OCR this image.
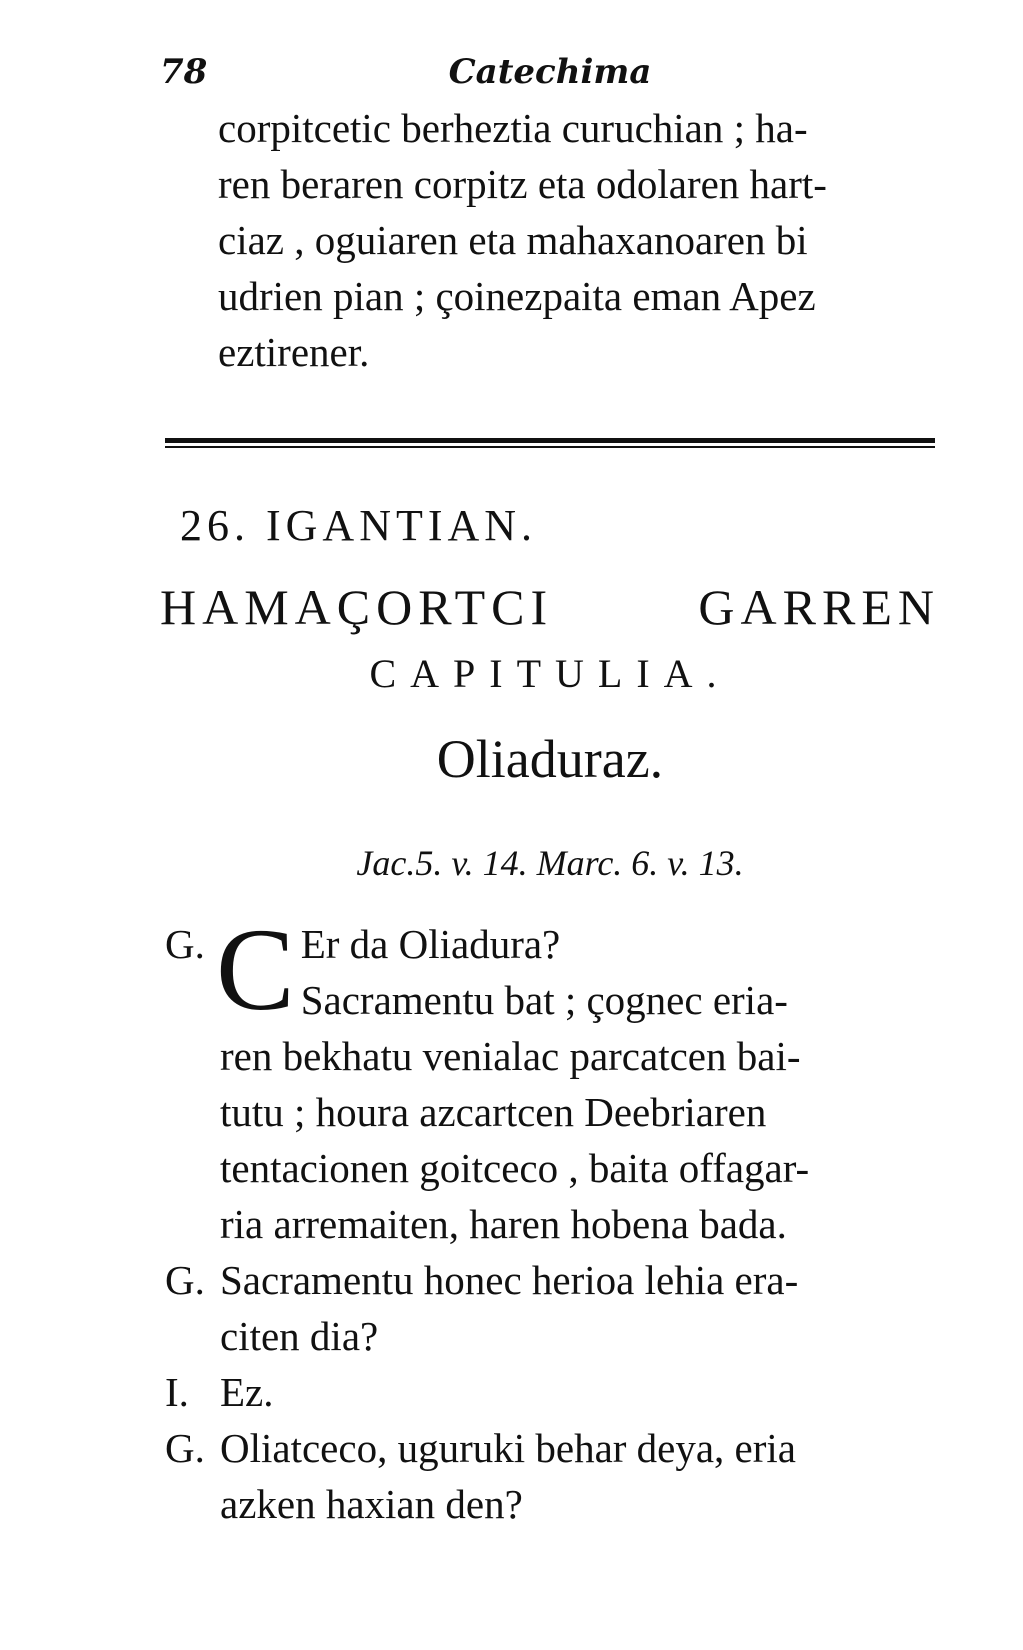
78	Catechima
corpitcetic berheztia curuchian ; ha-
ren beraren corpitz eta odolaren hart-
ciaz , oguiaren eta mahaxanoaren bi
udrien pian ; çoinezpaita eman Apez
eztirener.
26. IGANTIAN.
HAMAÇORTCI GARREN
CAPITULIA.
Oliaduraz.
Jac.5. v. 14. Marc. 6. v. 13.
G. C Er da Oliadura?
Sacramentu bat ; çognec eria-
ren bekhatu venialac parcatcen bai-
tutu ; houra azcartcen Deebriaren
tentacionen goitceco , baita offagar-
ria arremaiten, haren hobena bada.
G. Sacramentu honec herioa lehia era-
citen dia?
I. Ez.
G. Oliatceco, uguruki behar deya, eria
azken haxian den?
